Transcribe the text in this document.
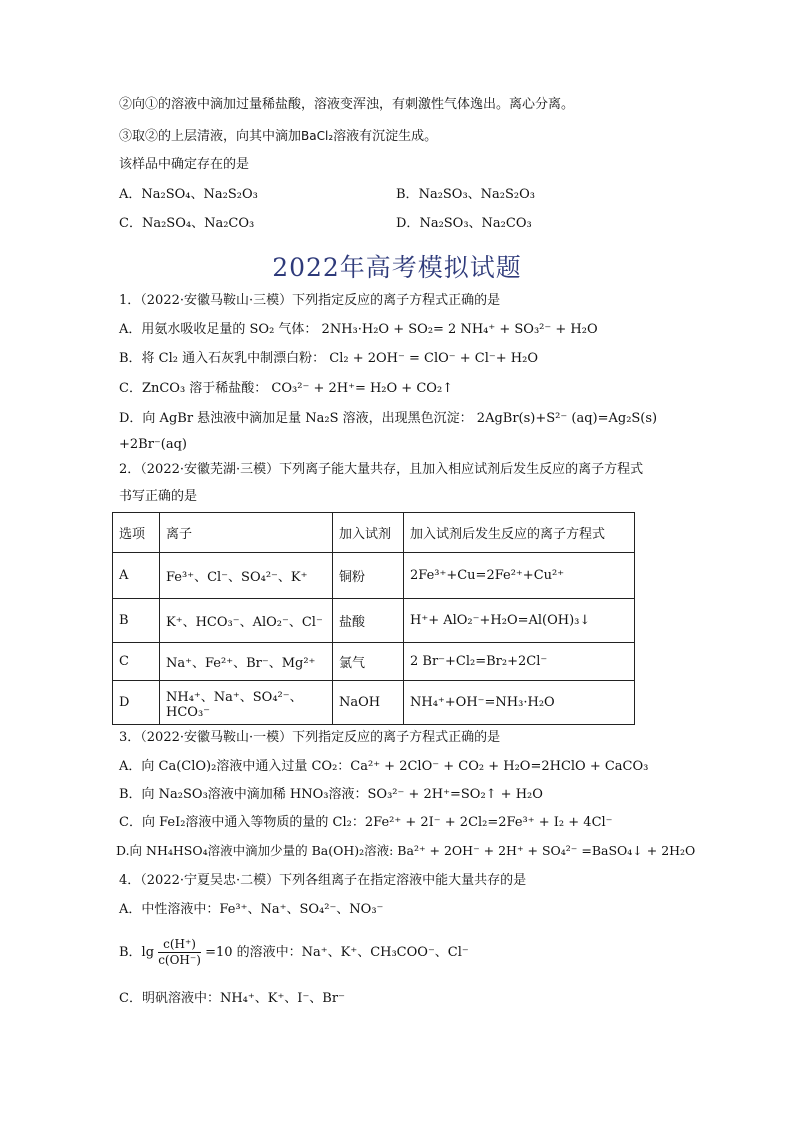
②向①的溶液中滴加过量稀盐酸，溶液变浑浊，有刺激性气体逸出。离心分离。
③取②的上层清液，向其中滴加BaCl₂溶液有沉淀生成。
该样品中确定存在的是
A．Na₂SO₄、Na₂S₂O₃	B．Na₂SO₃、Na₂S₂O₃
C．Na₂SO₄、Na₂CO₃	D．Na₂SO₃、Na₂CO₃
2022年高考模拟试题
1．（2022·安徽马鞍山·三模）下列指定反应的离子方程式正确的是
A．用氨水吸收足量的 SO₂ 气体： 2NH₃·H₂O + SO₂= 2 NH₄⁺ + SO₃²⁻ + H₂O
B．将 Cl₂ 通入石灰乳中制漂白粉： Cl₂ + 2OH⁻ = ClO⁻ + Cl⁻+ H₂O
C．ZnCO₃ 溶于稀盐酸： CO₃²⁻ + 2H⁺= H₂O + CO₂↑
D．向 AgBr 悬浊液中滴加足量 Na₂S 溶液，出现黑色沉淀： 2AgBr(s)+S²⁻ (aq)=Ag₂S(s)
+2Br⁻(aq)
2．（2022·安徽芜湖·三模）下列离子能大量共存，且加入相应试剂后发生反应的离子方程式
书写正确的是
选项	离子	加入试剂	加入试剂后发生反应的离子方程式
A	Fe³⁺、Cl⁻、SO₄²⁻、K⁺	铜粉	2Fe³⁺+Cu=2Fe²⁺+Cu²⁺
B	K⁺、HCO₃⁻、AlO₂⁻、Cl⁻	盐酸	H⁺+ AlO₂⁻+H₂O=Al(OH)₃↓
C	Na⁺、Fe²⁺、Br⁻、Mg²⁺	氯气	2 Br⁻+Cl₂=Br₂+2Cl⁻
D	NH₄⁺、Na⁺、SO₄²⁻、HCO₃⁻	NaOH	NH₄⁺+OH⁻=NH₃·H₂O
3．（2022·安徽马鞍山·一模）下列指定反应的离子方程式正确的是
A．向 Ca(ClO)₂溶液中通入过量 CO₂：Ca²⁺ + 2ClO⁻ + CO₂ + H₂O=2HClO + CaCO₃
B．向 Na₂SO₃溶液中滴加稀 HNO₃溶液：SO₃²⁻ + 2H⁺=SO₂↑ + H₂O
C．向 FeI₂溶液中通入等物质的量的 Cl₂：2Fe²⁺ + 2I⁻ + 2Cl₂=2Fe³⁺ + I₂ + 4Cl⁻
D.向 NH₄HSO₄溶液中滴加少量的 Ba(OH)₂溶液: Ba²⁺ + 2OH⁻ + 2H⁺ + SO₄²⁻ =BaSO₄↓ + 2H₂O
4．（2022·宁夏吴忠·二模）下列各组离子在指定溶液中能大量共存的是
A．中性溶液中：Fe³⁺、Na⁺、SO₄²⁻、NO₃⁻
B．$\lg \frac{c(H^+)}{c(OH^-)} =10$ 的溶液中：Na⁺、K⁺、CH₃COO⁻、Cl⁻
C．明矾溶液中：NH₄⁺、K⁺、I⁻、Br⁻
